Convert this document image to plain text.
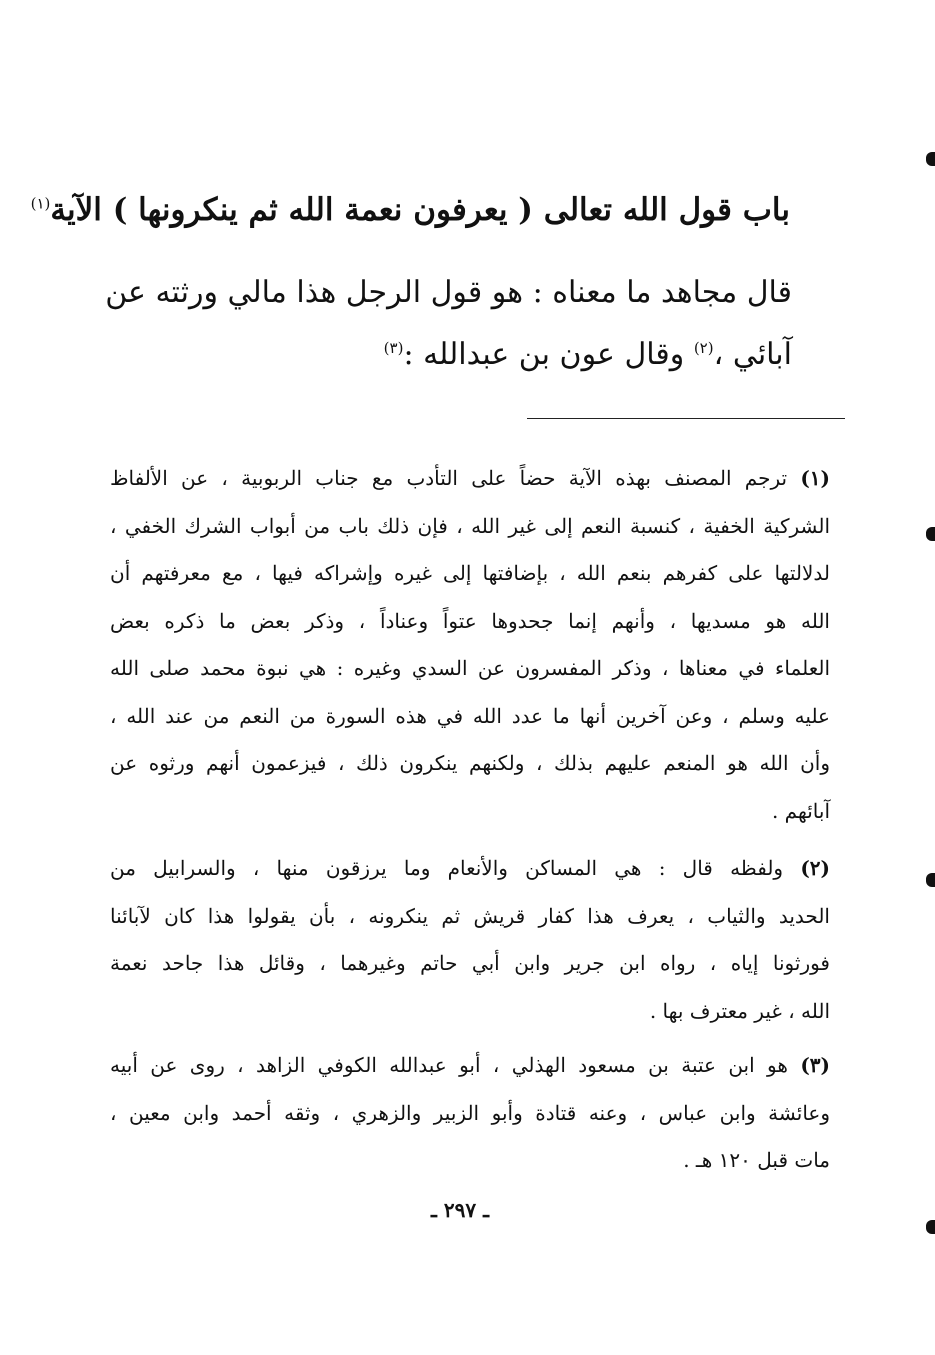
باب قول الله تعالى ( يعرفون نعمة الله ثم ينكرونها ) الآية$^{(١)}$
قال مجاهد ما معناه : هو قول الرجل هذا مالي ورثته عن
آبائي ،$^{(٢)}$ وقال عون بن عبدالله :$^{(٣)}$
(١) ترجم المصنف بهذه الآية حضاً على التأدب مع جناب الربوبية ، عن الألفاظ
الشركية الخفية ، كنسبة النعم إلى غير الله ، فإن ذلك باب من أبواب الشرك الخفي ،
لدلالتها على كفرهم بنعم الله ، بإضافتها إلى غيره وإشراكه فيها ، مع معرفتهم أن
الله هو مسديها ، وأنهم إنما جحدوها عتواً وعناداً ، وذكر بعض ما ذكره بعض
العلماء في معناها ، وذكر المفسرون عن السدي وغيره : هي نبوة محمد صلى الله
عليه وسلم ، وعن آخرين أنها ما عدد الله في هذه السورة من النعم من عند الله ،
وأن الله هو المنعم عليهم بذلك ، ولكنهم ينكرون ذلك ، فيزعمون أنهم ورثوه عن
آبائهم .
(٢) ولفظه قال : هي المساكن والأنعام وما يرزقون منها ، والسرابيل من
الحديد والثياب ، يعرف هذا كفار قريش ثم ينكرونه ، بأن يقولوا هذا كان لآبائنا
فورثونا إياه ، رواه ابن جرير وابن أبي حاتم وغيرهما ، وقائل هذا جاحد نعمة
الله ، غير معترف بها .
(٣) هو ابن عتبة بن مسعود الهذلي ، أبو عبدالله الكوفي الزاهد ، روى عن أبيه
وعائشة وابن عباس ، وعنه قتادة وأبو الزبير والزهري ، وثقه أحمد وابن معين ،
مات قبل ١٢٠ هـ .
ـ ٢٩٧ ـ
